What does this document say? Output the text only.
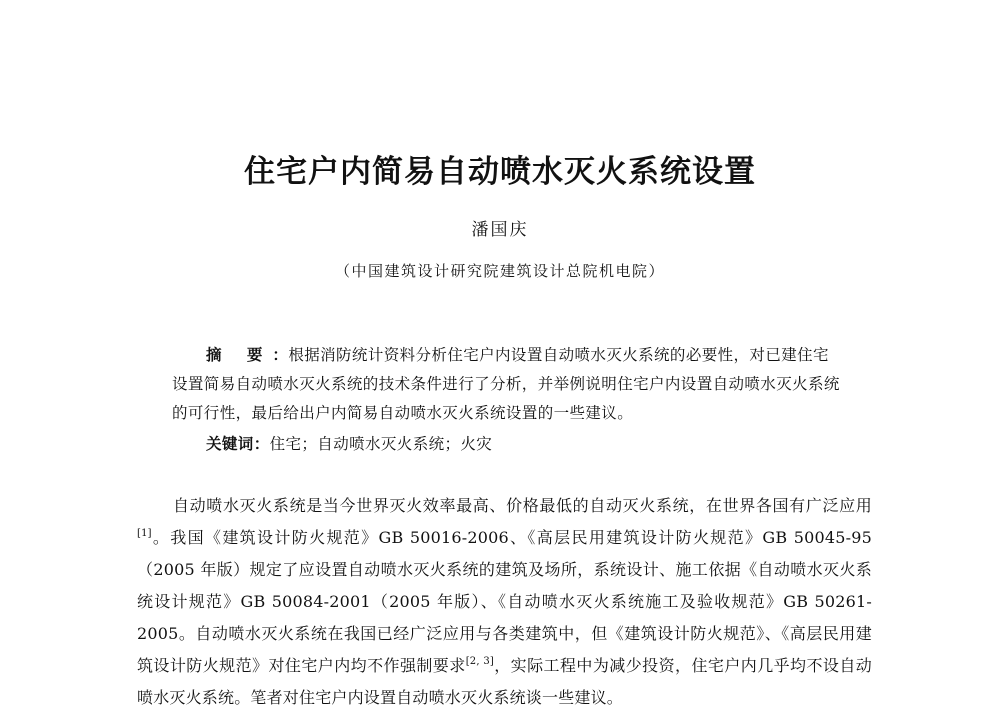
住宅户内简易自动喷水灭火系统设置
潘国庆
（中国建筑设计研究院建筑设计总院机电院）
摘 要：根据消防统计资料分析住宅户内设置自动喷水灭火系统的必要性，对已建住宅设置简易自动喷水灭火系统的技术条件进行了分析，并举例说明住宅户内设置自动喷水灭火系统的可行性，最后给出户内简易自动喷水灭火系统设置的一些建议。
关键词：住宅；自动喷水灭火系统；火灾

自动喷水灭火系统是当今世界灭火效率最高、价格最低的自动灭火系统，在世界各国有广泛应用[1]。我国《建筑设计防火规范》GB 50016-2006、《高层民用建筑设计防火规范》GB 50045-95（2005 年版）规定了应设置自动喷水灭火系统的建筑及场所，系统设计、施工依据《自动喷水灭火系统设计规范》GB 50084-2001（2005 年版）、《自动喷水灭火系统施工及验收规范》GB 50261-2005。自动喷水灭火系统在我国已经广泛应用与各类建筑中，但《建筑设计防火规范》、《高层民用建筑设计防火规范》对住宅户内均不作强制要求[2, 3]，实际工程中为减少投资，住宅户内几乎均不设自动喷水灭火系统。笔者对住宅户内设置自动喷水灭火系统谈一些建议。
